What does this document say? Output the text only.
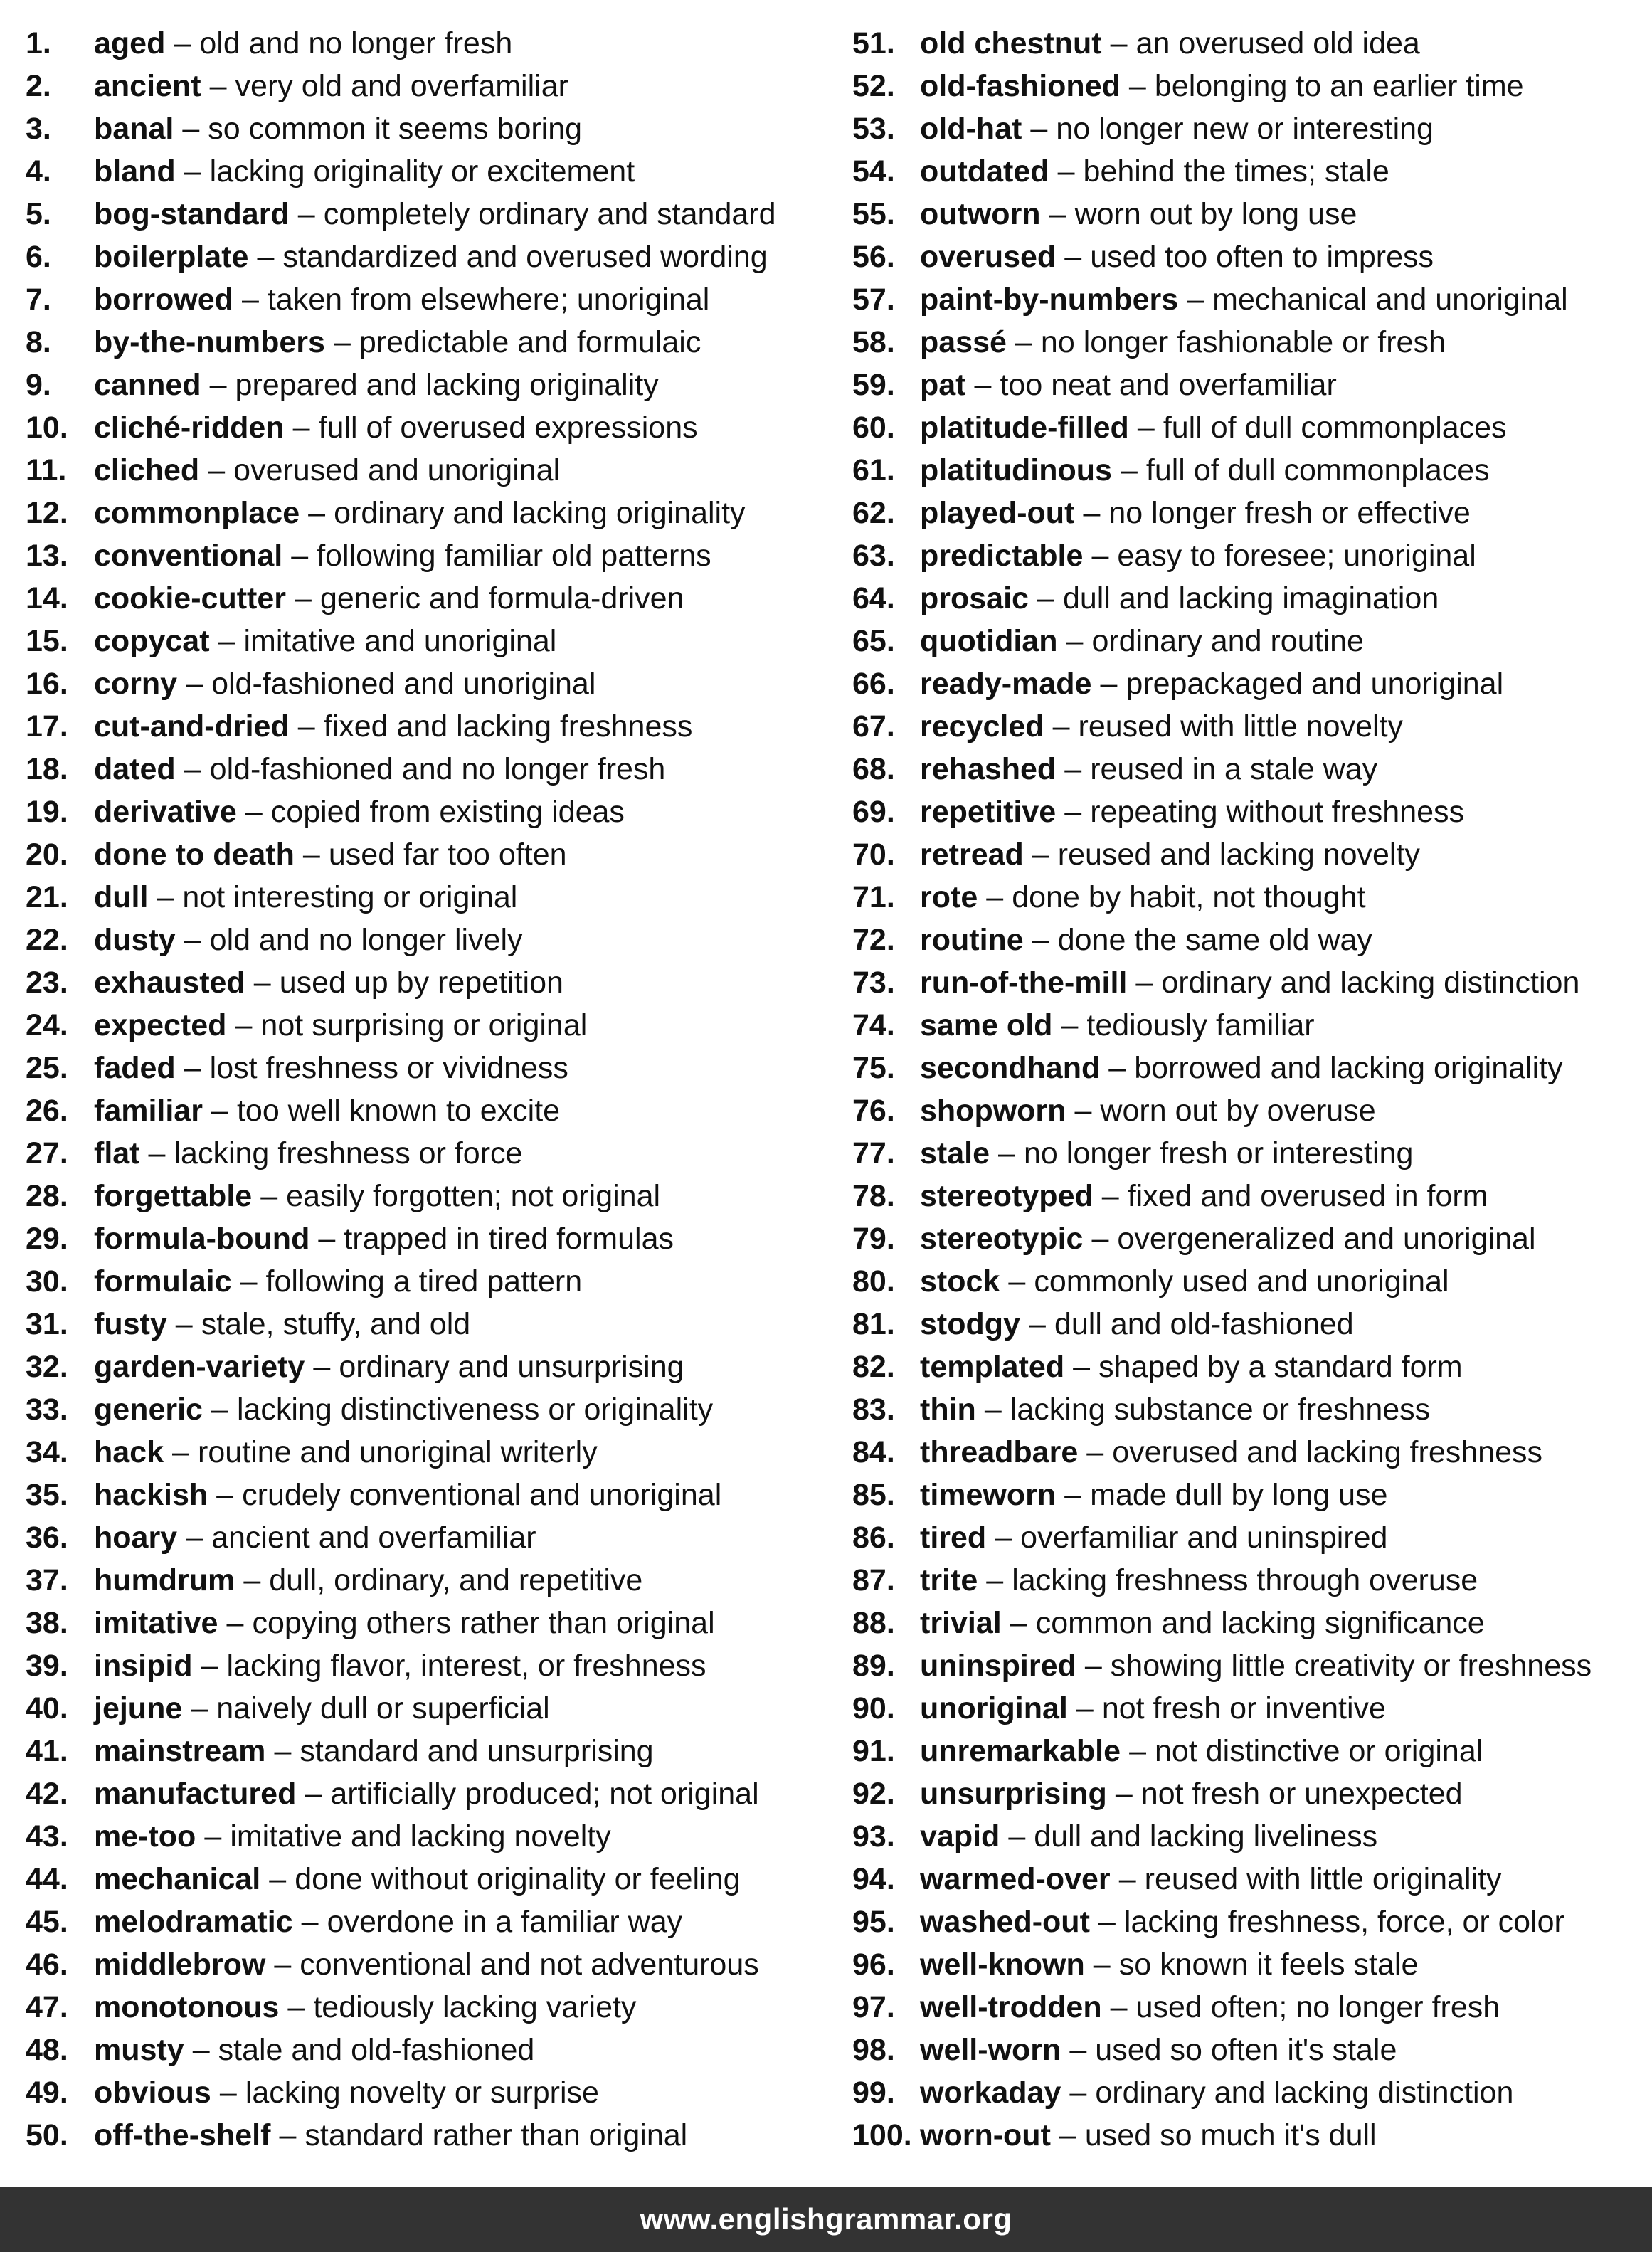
1.	aged – old and no longer fresh
2.	ancient – very old and overfamiliar
3.	banal – so common it seems boring
4.	bland – lacking originality or excitement
5.	bog-standard – completely ordinary and standard
6.	boilerplate – standardized and overused wording
7.	borrowed – taken from elsewhere; unoriginal
8.	by-the-numbers – predictable and formulaic
9.	canned – prepared and lacking originality
10. cliché-ridden – full of overused expressions
11. cliched – overused and unoriginal
12. commonplace – ordinary and lacking originality
13. conventional – following familiar old patterns
14. cookie-cutter – generic and formula-driven
15. copycat – imitative and unoriginal
16. corny – old-fashioned and unoriginal
17. cut-and-dried – fixed and lacking freshness
18. dated – old-fashioned and no longer fresh
19. derivative – copied from existing ideas
20. done to death – used far too often
21. dull – not interesting or original
22. dusty – old and no longer lively
23. exhausted – used up by repetition
24. expected – not surprising or original
25. faded – lost freshness or vividness
26. familiar – too well known to excite
27. flat – lacking freshness or force
28. forgettable – easily forgotten; not original
29. formula-bound – trapped in tired formulas
30. formulaic – following a tired pattern
31. fusty – stale, stuffy, and old
32. garden-variety – ordinary and unsurprising
33. generic – lacking distinctiveness or originality
34. hack – routine and unoriginal writerly
35. hackish – crudely conventional and unoriginal
36. hoary – ancient and overfamiliar
37. humdrum – dull, ordinary, and repetitive
38. imitative – copying others rather than original
39. insipid – lacking flavor, interest, or freshness
40. jejune – naively dull or superficial
41. mainstream – standard and unsurprising
42. manufactured – artificially produced; not original
43. me-too – imitative and lacking novelty
44. mechanical – done without originality or feeling
45. melodramatic – overdone in a familiar way
46. middlebrow – conventional and not adventurous
47. monotonous – tediously lacking variety
48. musty – stale and old-fashioned
49. obvious – lacking novelty or surprise
50. off-the-shelf – standard rather than original
51. old chestnut – an overused old idea
52. old-fashioned – belonging to an earlier time
53. old-hat – no longer new or interesting
54. outdated – behind the times; stale
55. outworn – worn out by long use
56. overused – used too often to impress
57. paint-by-numbers – mechanical and unoriginal
58. passé – no longer fashionable or fresh
59. pat – too neat and overfamiliar
60. platitude-filled – full of dull commonplaces
61. platitudinous – full of dull commonplaces
62. played-out – no longer fresh or effective
63. predictable – easy to foresee; unoriginal
64. prosaic – dull and lacking imagination
65. quotidian – ordinary and routine
66. ready-made – prepackaged and unoriginal
67. recycled – reused with little novelty
68. rehashed – reused in a stale way
69. repetitive – repeating without freshness
70. retread – reused and lacking novelty
71. rote – done by habit, not thought
72. routine – done the same old way
73. run-of-the-mill – ordinary and lacking distinction
74. same old – tediously familiar
75. secondhand – borrowed and lacking originality
76. shopworn – worn out by overuse
77. stale – no longer fresh or interesting
78. stereotyped – fixed and overused in form
79. stereotypic – overgeneralized and unoriginal
80. stock – commonly used and unoriginal
81. stodgy – dull and old-fashioned
82. templated – shaped by a standard form
83. thin – lacking substance or freshness
84. threadbare – overused and lacking freshness
85. timeworn – made dull by long use
86. tired – overfamiliar and uninspired
87. trite – lacking freshness through overuse
88. trivial – common and lacking significance
89. uninspired – showing little creativity or freshness
90. unoriginal – not fresh or inventive
91. unremarkable – not distinctive or original
92. unsurprising – not fresh or unexpected
93. vapid – dull and lacking liveliness
94. warmed-over – reused with little originality
95. washed-out – lacking freshness, force, or color
96. well-known – so known it feels stale
97. well-trodden – used often; no longer fresh
98. well-worn – used so often it's stale
99. workaday – ordinary and lacking distinction
100. worn-out – used so much it's dull
www.englishgrammar.org
